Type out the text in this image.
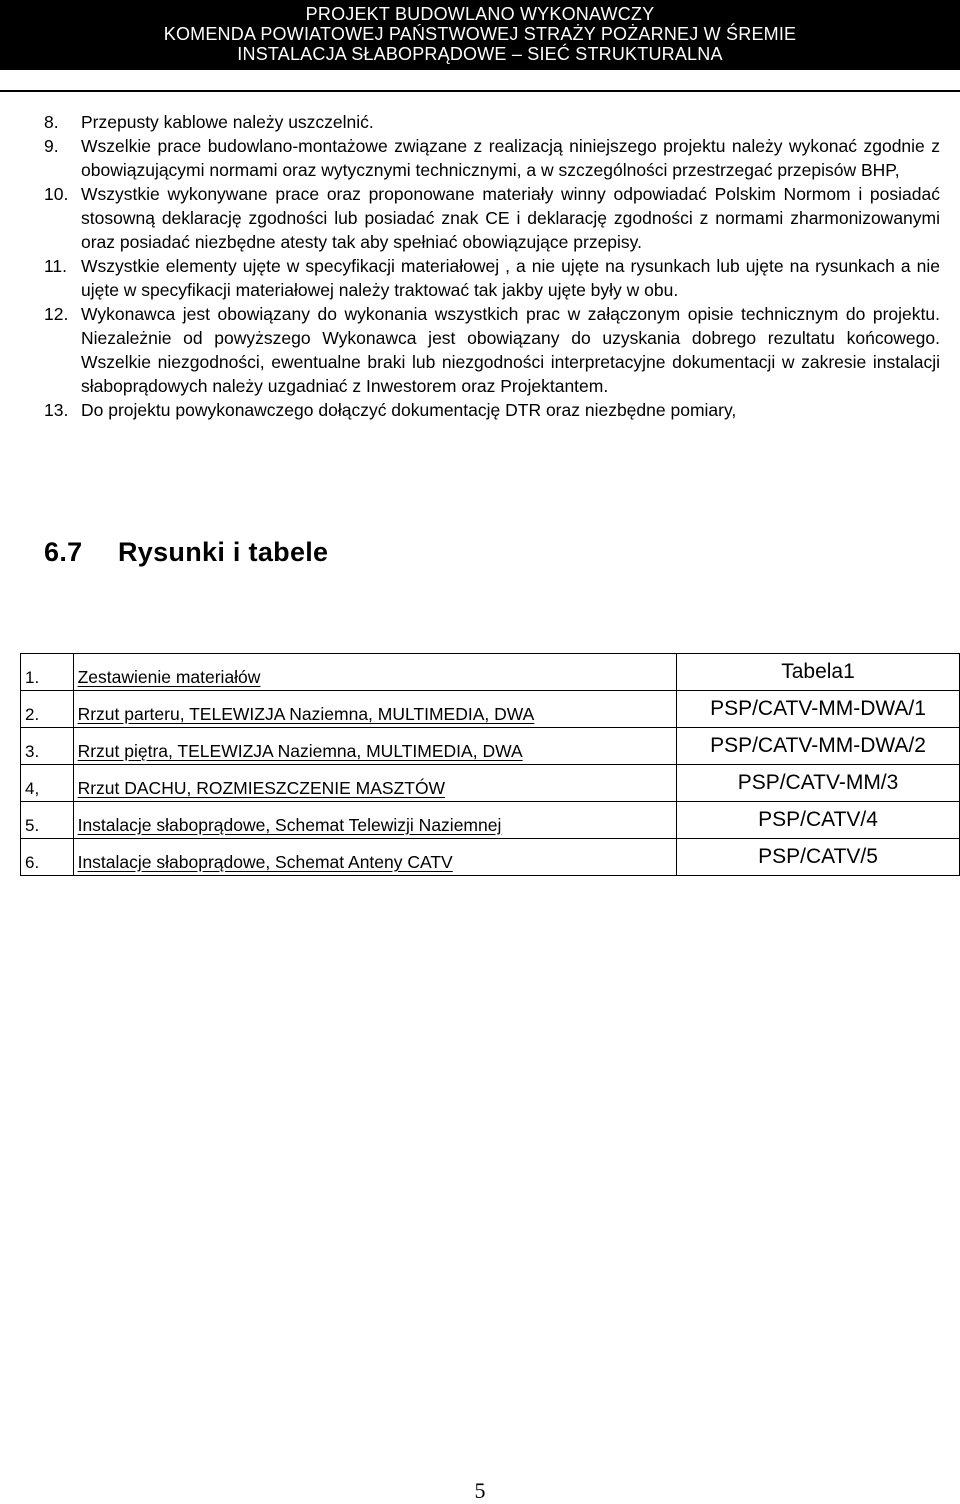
PROJEKT BUDOWLANO WYKONAWCZY
KOMENDA POWIATOWEJ PAŃSTWOWEJ STRAŻY POŻARNEJ W ŚREMIE
INSTALACJA SŁABOPRĄDOWE – SIEĆ STRUKTURALNA
8.	Przepusty kablowe należy uszczelnić.
9.	Wszelkie prace budowlano-montażowe związane z realizacją niniejszego projektu należy wykonać zgodnie z obowiązującymi normami oraz wytycznymi technicznymi, a w szczególności przestrzegać przepisów BHP,
10. Wszystkie wykonywane prace oraz proponowane materiały winny odpowiadać Polskim Normom i posiadać stosowną deklarację zgodności lub posiadać znak CE i deklarację zgodności z normami zharmonizowanymi oraz posiadać niezbędne atesty tak aby spełniać obowiązujące przepisy.
11. Wszystkie elementy ujęte w specyfikacji materiałowej , a nie ujęte na rysunkach lub ujęte na rysunkach a nie ujęte w specyfikacji materiałowej należy traktować tak jakby ujęte były w obu.
12. Wykonawca jest obowiązany do wykonania wszystkich prac w załączonym opisie technicznym do projektu. Niezależnie od powyższego Wykonawca jest obowiązany do uzyskania dobrego rezultatu końcowego. Wszelkie niezgodności, ewentualne braki lub niezgodności interpretacyjne dokumentacji w zakresie instalacji słaboprądowych należy uzgadniać z Inwestorem oraz Projektantem.
13. Do projektu powykonawczego dołączyć dokumentację DTR oraz niezbędne pomiary,
6.7 Rysunki i tabele
1.	Zestawienie materiałów	Tabela1
2.	Rrzut parteru, TELEWIZJA Naziemna, MULTIMEDIA, DWA	PSP/CATV-MM-DWA/1
3.	Rrzut piętra, TELEWIZJA Naziemna, MULTIMEDIA, DWA	PSP/CATV-MM-DWA/2
4,	Rrzut DACHU, ROZMIESZCZENIE MASZTÓW	PSP/CATV-MM/3
5.	Instalacje słaboprądowe, Schemat Telewizji Naziemnej	PSP/CATV/4
6.	Instalacje słaboprądowe, Schemat Anteny CATV	PSP/CATV/5
5
